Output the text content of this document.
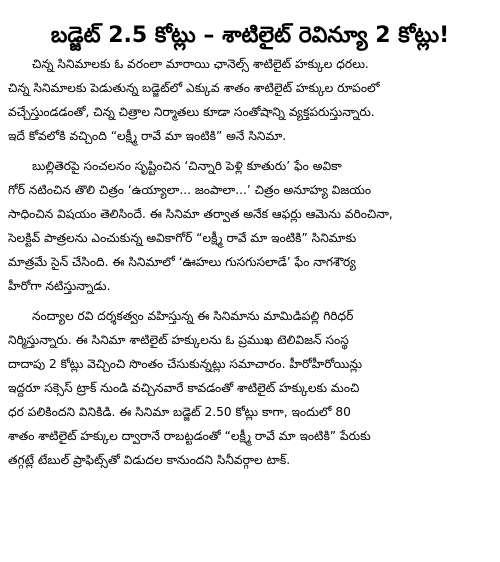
బడ్జెట్ 2.5 కోట్లు – శాటిలైట్ రెవిన్యూ 2 కోట్లు!
చిన్న సినిమాలకు ఓ వరంలా మారాయి ఛానెల్స్ శాటిలైట్ హక్కుల ధరలు.
చిన్న సినిమాలకు పెడుతున్న బడ్జెట్‌లో ఎక్కువ శాతం శాటిలైట్ హక్కుల రూపంలో
వచ్చేస్తుండడంతో, చిన్న చిత్రాల నిర్మాతలు కూడా సంతోషాన్ని వ్యక్తపరుస్తున్నారు.
ఇదే కోవలోకి వచ్చింది “లక్ష్మీ రావే మా ఇంటికి” అనే సినిమా.
బుల్లితెరపై సంచలనం సృష్టించిన ‘చిన్నారి పెళ్లి కూతురు’ ఫేం అవికా
గోర్ నటించిన తొలి చిత్రం ‘ఉయ్యాలా... జంపాలా...’ చిత్రం అనూహ్య విజయం
సాధించిన విషయం తెలిసిందే. ఈ సినిమా తర్వాత అనేక ఆఫర్లు ఆమెను వరించినా,
సెలక్టివ్ పాత్రలను ఎంచుకున్న అవికాగోర్ “లక్ష్మీ రావే మా ఇంటికి” సినిమాకు
మాత్రమే సైన్ చేసింది. ఈ సినిమాలో ‘ఊహలు గుసగుసలాడే’ ఫేం నాగశౌర్య
హీరోగా నటిస్తున్నాడు.
నంద్యాల రవి దర్శకత్వం వహిస్తున్న ఈ సినిమాను మామిడిపల్లి గిరిధర్
నిర్మిస్తున్నారు. ఈ సినిమా శాటిలైట్ హక్కులను ఓ ప్రముఖ టెలివిజన్ సంస్థ
దాదాపు 2 కోట్లు వెచ్చించి సొంతం చేసుకున్నట్లు సమాచారం. హీరోహీరోయిన్లు
ఇద్దరూ సక్సెస్ ట్రాక్ నుండి వచ్చినవారే కావడంతో శాటిలైట్ హక్కులకు మంచి
ధర పలికిందని వినికిడి. ఈ సినిమా బడ్జెట్ 2.50 కోట్లు కాగా, ఇందులో 80
శాతం శాటిలైట్ హక్కుల ద్వారానే రాబట్టడంతో “లక్ష్మీ రావే మా ఇంటికి” పేరుకు
తగ్గట్లే టేబుల్ ప్రాఫిట్స్‌తో విడుదల కానుందని సినీవర్గాల టాక్.
